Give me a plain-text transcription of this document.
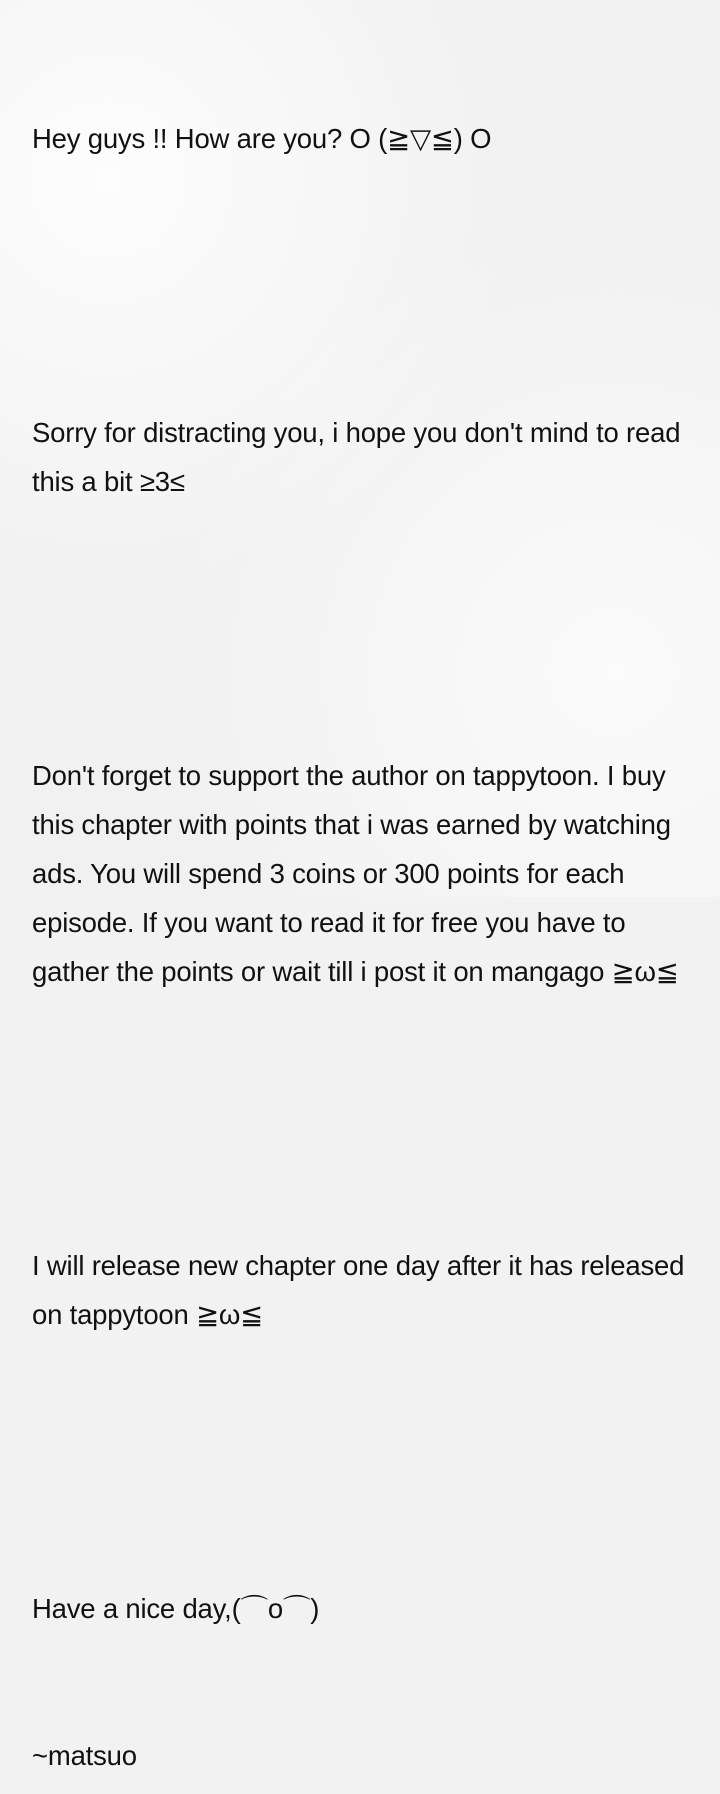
Hey guys !! How are you? O (≧▽≦) O

Sorry for distracting you, i hope you don't mind to read this a bit ≥3≤

Don't forget to support the author on tappytoon. I buy this chapter with points that i was earned by watching ads. You will spend 3 coins or 300 points for each episode. If you want to read it for free you have to gather the points or wait till i post it on mangago ≧ω≦

I will release new chapter one day after it has released on tappytoon ≧ω≦

Have a nice day,(⌒o⌒)

~matsuo
